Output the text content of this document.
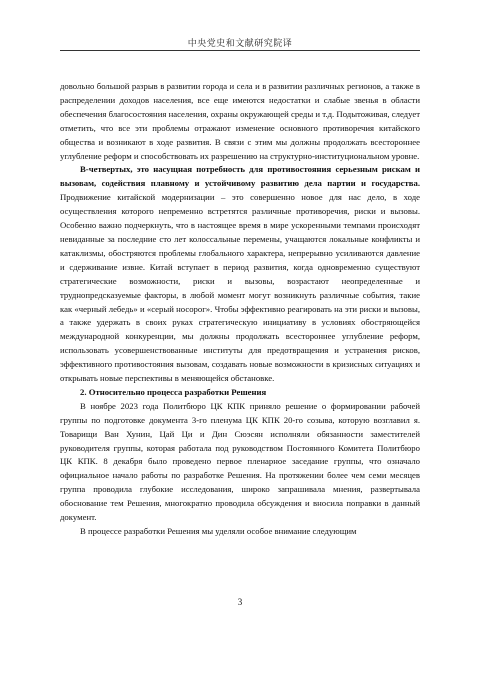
中央党史和文献研究院译

довольно большой разрыв в развитии города и села и в развитии различных регионов, а также в распределении доходов населения, все еще имеются недостатки и слабые звенья в области обеспечения благосостояния населения, охраны окружающей среды и т.д. Подытоживая, следует отметить, что все эти проблемы отражают изменение основного противоречия китайского общества и возникают в ходе развития. В связи с этим мы должны продолжать всестороннее углубление реформ и способствовать их разрешению на структурно-институциональном уровне.

В-четвертых, это насущная потребность для противостояния серьезным рискам и вызовам, содействия плавному и устойчивому развитию дела партии и государства. Продвижение китайской модернизации – это совершенно новое для нас дело, в ходе осуществления которого непременно встретятся различные противоречия, риски и вызовы. Особенно важно подчеркнуть, что в настоящее время в мире ускоренными темпами происходят невиданные за последние сто лет колоссальные перемены, учащаются локальные конфликты и катаклизмы, обостряются проблемы глобального характера, непрерывно усиливаются давление и сдерживание извне. Китай вступает в период развития, когда одновременно существуют стратегические возможности, риски и вызовы, возрастают неопределенные и труднопредсказуемые факторы, в любой момент могут возникнуть различные события, такие как «черный лебедь» и «серый носорог». Чтобы эффективно реагировать на эти риски и вызовы, а также удержать в своих руках стратегическую инициативу в условиях обостряющейся международной конкуренции, мы должны продолжать всестороннее углубление реформ, использовать усовершенствованные институты для предотвращения и устранения рисков, эффективного противостояния вызовам, создавать новые возможности в кризисных ситуациях и открывать новые перспективы в меняющейся обстановке.

2. Относительно процесса разработки Решения

В ноябре 2023 года Политбюро ЦК КПК приняло решение о формировании рабочей группы по подготовке документа 3-го пленума ЦК КПК 20-го созыва, которую возглавил я. Товарищи Ван Хунин, Цай Ци и Дин Сюэсян исполняли обязанности заместителей руководителя группы, которая работала под руководством Постоянного Комитета Политбюро ЦК КПК. 8 декабря было проведено первое пленарное заседание группы, что означало официальное начало работы по разработке Решения. На протяжении более чем семи месяцев группа проводила глубокие исследования, широко запрашивала мнения, развертывала обоснование тем Решения, многократно проводила обсуждения и вносила поправки в данный документ.

В процессе разработки Решения мы уделяли особое внимание следующим

3
